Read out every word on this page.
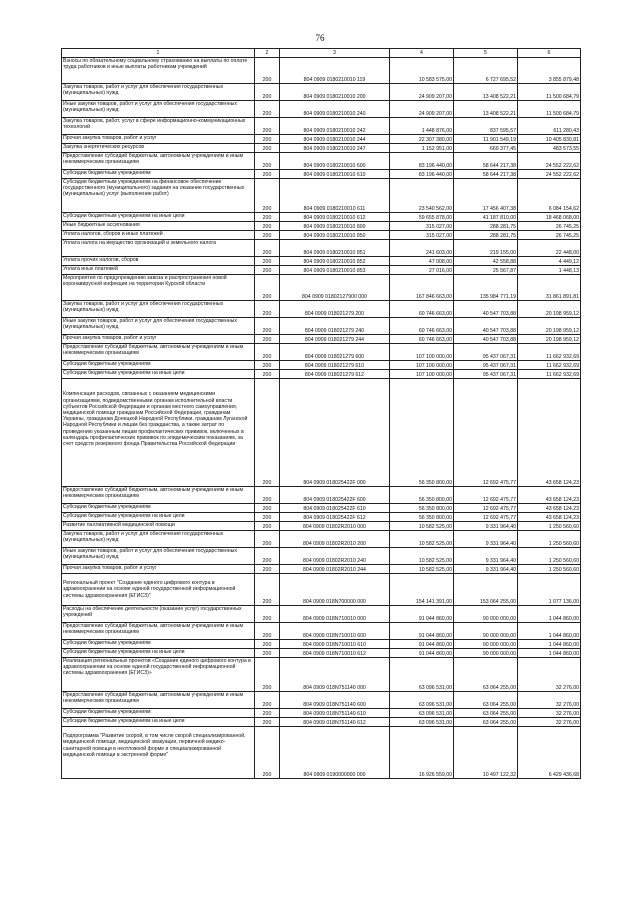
76
1	2	3	4	5	6
Взносы по обязательному социальному страхованию на выплаты по оплате труда работников и иные выплаты работникам учреждений	200	804 0909 0180210010 119	10 583 575,00	6 727 695,52	3 855 879,48
Закупка товаров, работ и услуг для обеспечения государственных (муниципальных) нужд	200	804 0909 0180210010 200	24 909 207,00	13 408 522,21	11 500 684,79
Иные закупки товаров, работ и услуг для обеспечения государственных (муниципальных) нужд	200	804 0909 0180210010 240	24 909 207,00	13 408 522,21	11 500 684,79
Закупка товаров, работ, услуг в сфере информационно-коммуникационных технологий	200	804 0909 0180210010 242	1 448 876,00	837 595,57	611 280,43
Прочая закупка товаров, работ и услуг	200	804 0909 0180210010 244	22 307 380,00	11 901 549,19	10 405 830,81
Закупка энергетических ресурсов	200	804 0909 0180210010 247	1 152 951,00	669 377,45	483 573,55
Предоставление субсидий бюджетным, автономным учреждениям и иным некоммерческим организациям	200	804 0909 0180210010 600	83 196 440,00	58 644 217,38	24 552 222,62
Субсидии бюджетным учреждениям	200	804 0909 0180210010 610	83 196 440,00	58 644 217,38	24 552 222,62
Субсидии бюджетным учреждениям на финансовое обеспечение государственного (муниципального) задания на оказание государственных (муниципальных) услуг (выполнение работ)	200	804 0909 0180210010 611	23 540 562,00	17 456 407,38	6 084 154,62
Субсидии бюджетным учреждениям на иные цели	200	804 0909 0180210010 612	59 655 878,00	41 187 810,00	18 468 068,00
Иные бюджетные ассигнования	200	804 0909 0180210010 800	315 027,00	288 281,75	26 745,25
Уплата налогов, сборов и иных платежей	200	804 0909 0180210010 850	315 027,00	288 281,75	26 745,25
Уплата налога на имущество организаций и земельного налога	200	804 0909 0180210010 851	241 603,00	219 155,00	22 448,00
Уплата прочих налогов, сборов	200	804 0909 0180210010 852	47 008,00	42 558,88	4 449,12
Уплата иных платежей	200	804 0909 0180210010 853	27 016,00	25 567,87	1 448,13
Мероприятия по предупреждению завоза и распространения новой коронавирусной инфекции на территории Курской области	200	804 0909 01802127900 000	167 846 663,00	135 984 771,19	31 861 891,81
Закупка товаров, работ и услуг для обеспечения государственных (муниципальных) нужд	200	804 0909 018021279 200	60 746 663,00	40 547 703,88	20 198 959,12
Иные закупки товаров, работ и услуг для обеспечения государственных (муниципальных) нужд	200	804 0909 018021279 240	60 746 663,00	40 547 703,88	20 198 959,12
Прочая закупка товаров, работ и услуг	200	804 0909 018021279 244	60 746 663,00	40 547 703,88	20 198 959,12
Предоставление субсидий бюджетным, автономным учреждениям и иным некоммерческим организациям	200	804 0909 018021279 600	107 100 000,00	95 437 067,31	11 662 932,69
Субсидии бюджетным учреждениям	200	804 0909 018021279 610	107 100 000,00	95 437 067,31	11 662 932,69
Субсидии бюджетным учреждениям на иные цели	200	804 0909 018021279 612	107 100 000,00	95 437 067,31	11 662 932,69

Компенсация расходов, связанных с оказанием медицинскими организациями, подведомственными органам исполнительной власти субъектов Российской Федерации и органам местного самоуправления, медицинской помощи гражданам Российской Федерации, гражданам Украины, гражданам Донецкой Народной Республики, гражданам Луганской Народной Республики и лицам без гражданства, а также затрат по проведению указанным лицам профилактических прививок, включенных в календарь профилактических прививок по эпидемическим показаниям, за счет средств резервного фонда Правительства Российской Федерации	200	804 0909 018025422F 000	56 350 800,00	12 692 475,77	43 658 124,23
Предоставление субсидий бюджетным, автономным учреждениям и иным некоммерческим организациям	200	804 0909 018025422F 600	56 350 800,00	12 692 475,77	43 658 124,23
Субсидии бюджетным учреждениям	200	804 0909 018025422F 610	56 350 800,00	12 692 475,77	43 658 124,23
Субсидии бюджетным учреждениям на иные цели	200	804 0909 018025422F 612	56 350 800,00	12 692 475,77	43 658 124,23
Развитие паллиативной медицинской помощи	200	804 0909 01802R2010 000	10 582 525,00	9 331 964,40	1 250 560,60
Закупка товаров, работ и услуг для обеспечения государственных (муниципальных) нужд	200	804 0909 01802R2010 200	10 582 525,00	9 331 964,40	1 250 560,60
Иные закупки товаров, работ и услуг для обеспечения государственных (муниципальных) нужд	200	804 0909 01802R2010 240	10 582 525,00	9 331 964,40	1 250 560,60
Прочая закупка товаров, работ и услуг	200	804 0909 01802R2010 244	10 582 525,00	9 331 964,40	1 250 560,60

Региональный проект "Создание единого цифрового контура в здравоохранении на основе единой государственной информационной системы здравоохранения (ЕГИСЗ)"	200	804 0909 018N700000 000	154 141 391,00	153 064 255,00	1 077 136,00
Расходы на обеспечение деятельности (оказание услуг) государственных учреждений	200	804 0909 018N710010 000	91 044 860,00	90 000 000,00	1 044 860,00
Предоставление субсидий бюджетным, автономным учреждениям и иным некоммерческим организациям	200	804 0909 018N710010 600	91 044 860,00	90 000 000,00	1 044 860,00
Субсидии бюджетным учреждениям	200	804 0909 018N710010 610	91 044 860,00	90 000 000,00	1 044 860,00
Субсидии бюджетным учреждениям на иные цели	200	804 0909 018N710010 612	91 044 860,00	90 000 000,00	1 044 860,00
Реализация региональных проектов «Создание единого цифрового контура в здравоохранении на основе единой государственной информационной системы здравоохранения (ЕГИСЗ)»	200	804 0909 018N751140 000	63 096 531,00	63 064 255,00	32 276,00
Предоставление субсидий бюджетным, автономным учреждениям и иным некоммерческим организациям	200	804 0909 018N751140 600	63 096 531,00	63 064 255,00	32 276,00
Субсидии бюджетным учреждениям	200	804 0909 018N751140 610	63 096 531,00	63 064 255,00	32 276,00
Субсидии бюджетным учреждениям на иные цели	200	804 0909 018N751140 612	63 096 531,00	63 064 255,00	32 276,00

Подпрограмма "Развитие скорой, в том числе скорой специализированной, медицинской помощи, медицинской эвакуации, первичной медико-санитарной помощи в неотложной форме и специализированной медицинской помощи в экстренной форме"	200	804 0909 0190000000 000	16 926 559,00	10 497 122,32	6 429 436,68
